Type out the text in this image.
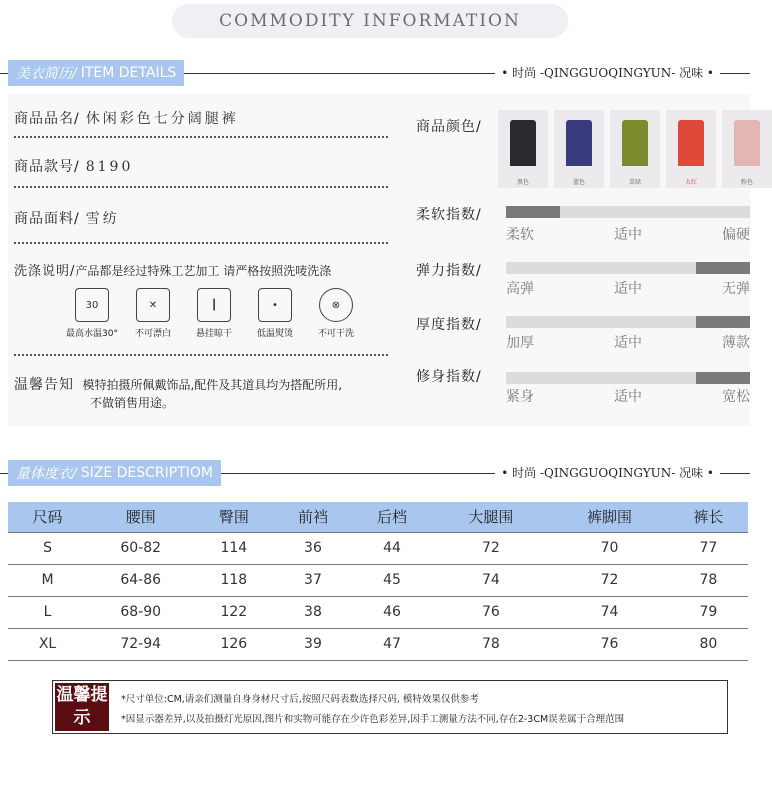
COMMODITY INFORMATION
美衣简历/ ITEM DETAILS	• 时尚 -QINGGUOQINGYUN- 况味 •
商品品名/ 休闲彩色七分阔腿裤
商品款号/ 8190
商品面料/ 雪纺
洗涤说明/产品都是经过特殊工艺加工 请严格按照洗唛洗涤
30
最高水温30°
✕
不可漂白
┃
悬挂晾干
•
低温熨烫
⊗
不可干洗
温馨告知 模特拍摄所佩戴饰品,配件及其道具均为搭配所用,
不做销售用途。
商品颜色/
黑色	蓝色	草绿	大红	粉色
柔软指数/
柔软	适中	偏硬
弹力指数/
高弹	适中	无弹
厚度指数/
加厚	适中	薄款
修身指数/
紧身	适中	宽松
量体度衣/ SIZE DESCRIPTIOM	• 时尚 -QINGGUOQINGYUN- 况味 •
尺码	腰围	臀围	前裆	后档	大腿围	裤脚围	裤长
S	60-82	114	36	44	72	70	77
M	64-86	118	37	45	74	72	78
L	68-90	122	38	46	76	74	79
XL	72-94	126	39	47	78	76	80
温馨提示
*尺寸单位:CM,请亲们测量自身身材尺寸后,按照尺码表数选择尺码, 模特效果仅供参考
*因显示器差异,以及拍摄灯光原因,图片和实物可能存在少许色彩差异,因手工测量方法不同,存在2-3CM误差属于合理范围
